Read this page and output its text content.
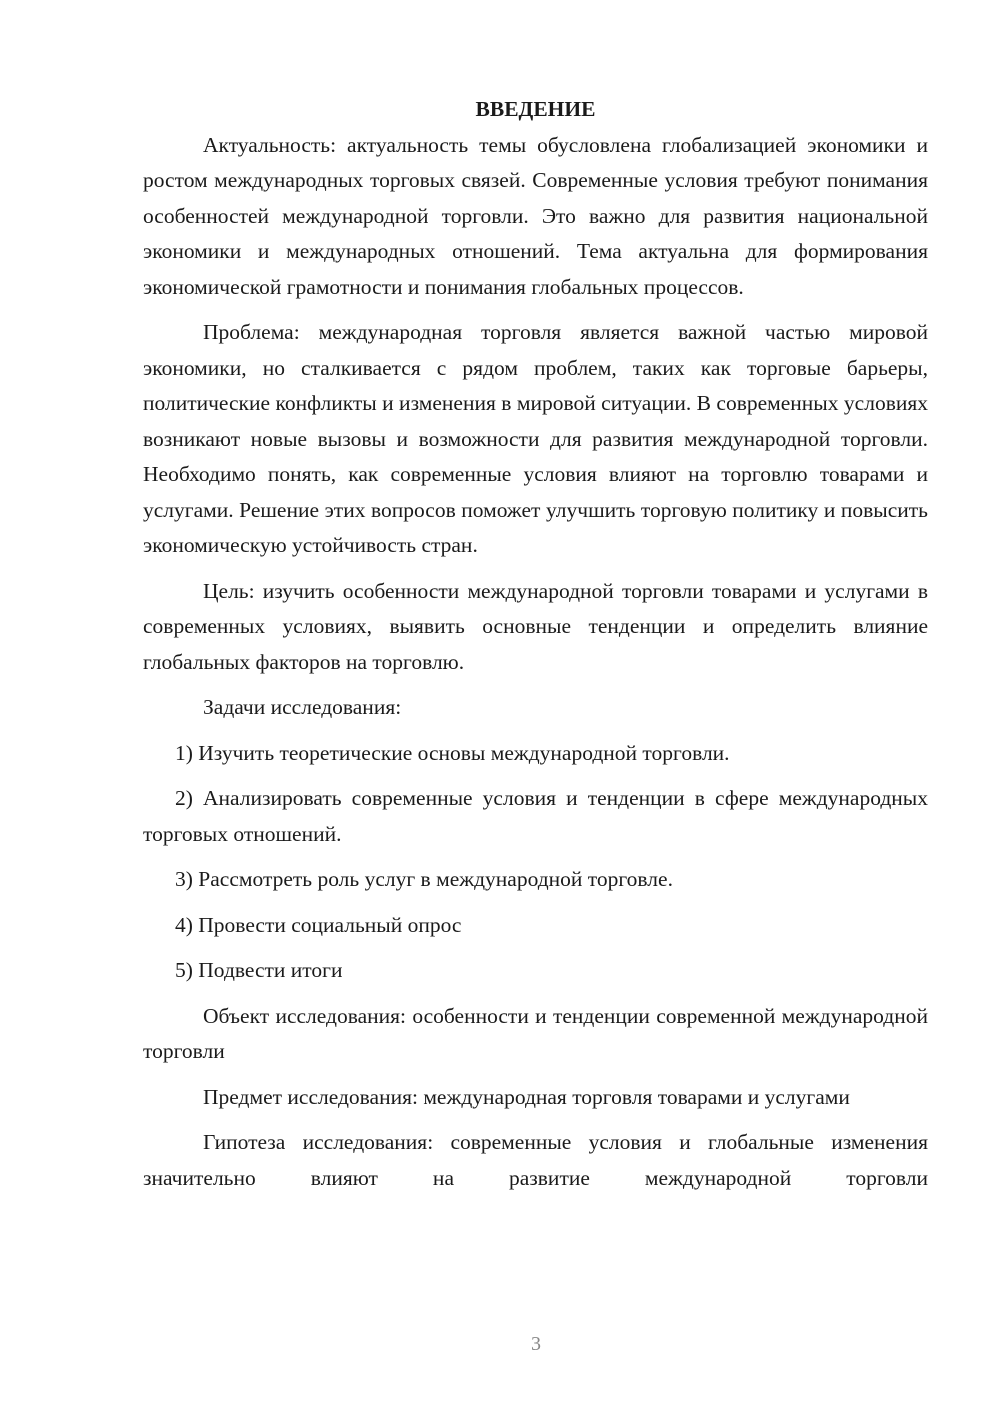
ВВЕДЕНИЕ

Актуальность: актуальность темы обусловлена глобализацией экономики и ростом международных торговых связей. Современные условия требуют понимания особенностей международной торговли. Это важно для развития национальной экономики и международных отношений. Тема актуальна для формирования экономической грамотности и понимания глобальных процессов.

Проблема: международная торговля является важной частью мировой экономики, но сталкивается с рядом проблем, таких как торговые барьеры, политические конфликты и изменения в мировой ситуации. В современных условиях возникают новые вызовы и возможности для развития международной торговли. Необходимо понять, как современные условия влияют на торговлю товарами и услугами. Решение этих вопросов поможет улучшить торговую политику и повысить экономическую устойчивость стран.

Цель: изучить особенности международной торговли товарами и услугами в современных условиях, выявить основные тенденции и определить влияние глобальных факторов на торговлю.

Задачи исследования:

1) Изучить теоретические основы международной торговли.

2) Анализировать современные условия и тенденции в сфере международных торговых отношений.

3) Рассмотреть роль услуг в международной торговле.

4) Провести социальный опрос

5) Подвести итоги

Объект исследования: особенности и тенденции современной международной торговли

Предмет исследования: международная торговля товарами и услугами

Гипотеза исследования: современные условия и глобальные изменения значительно влияют на развитие международной торговли

3
